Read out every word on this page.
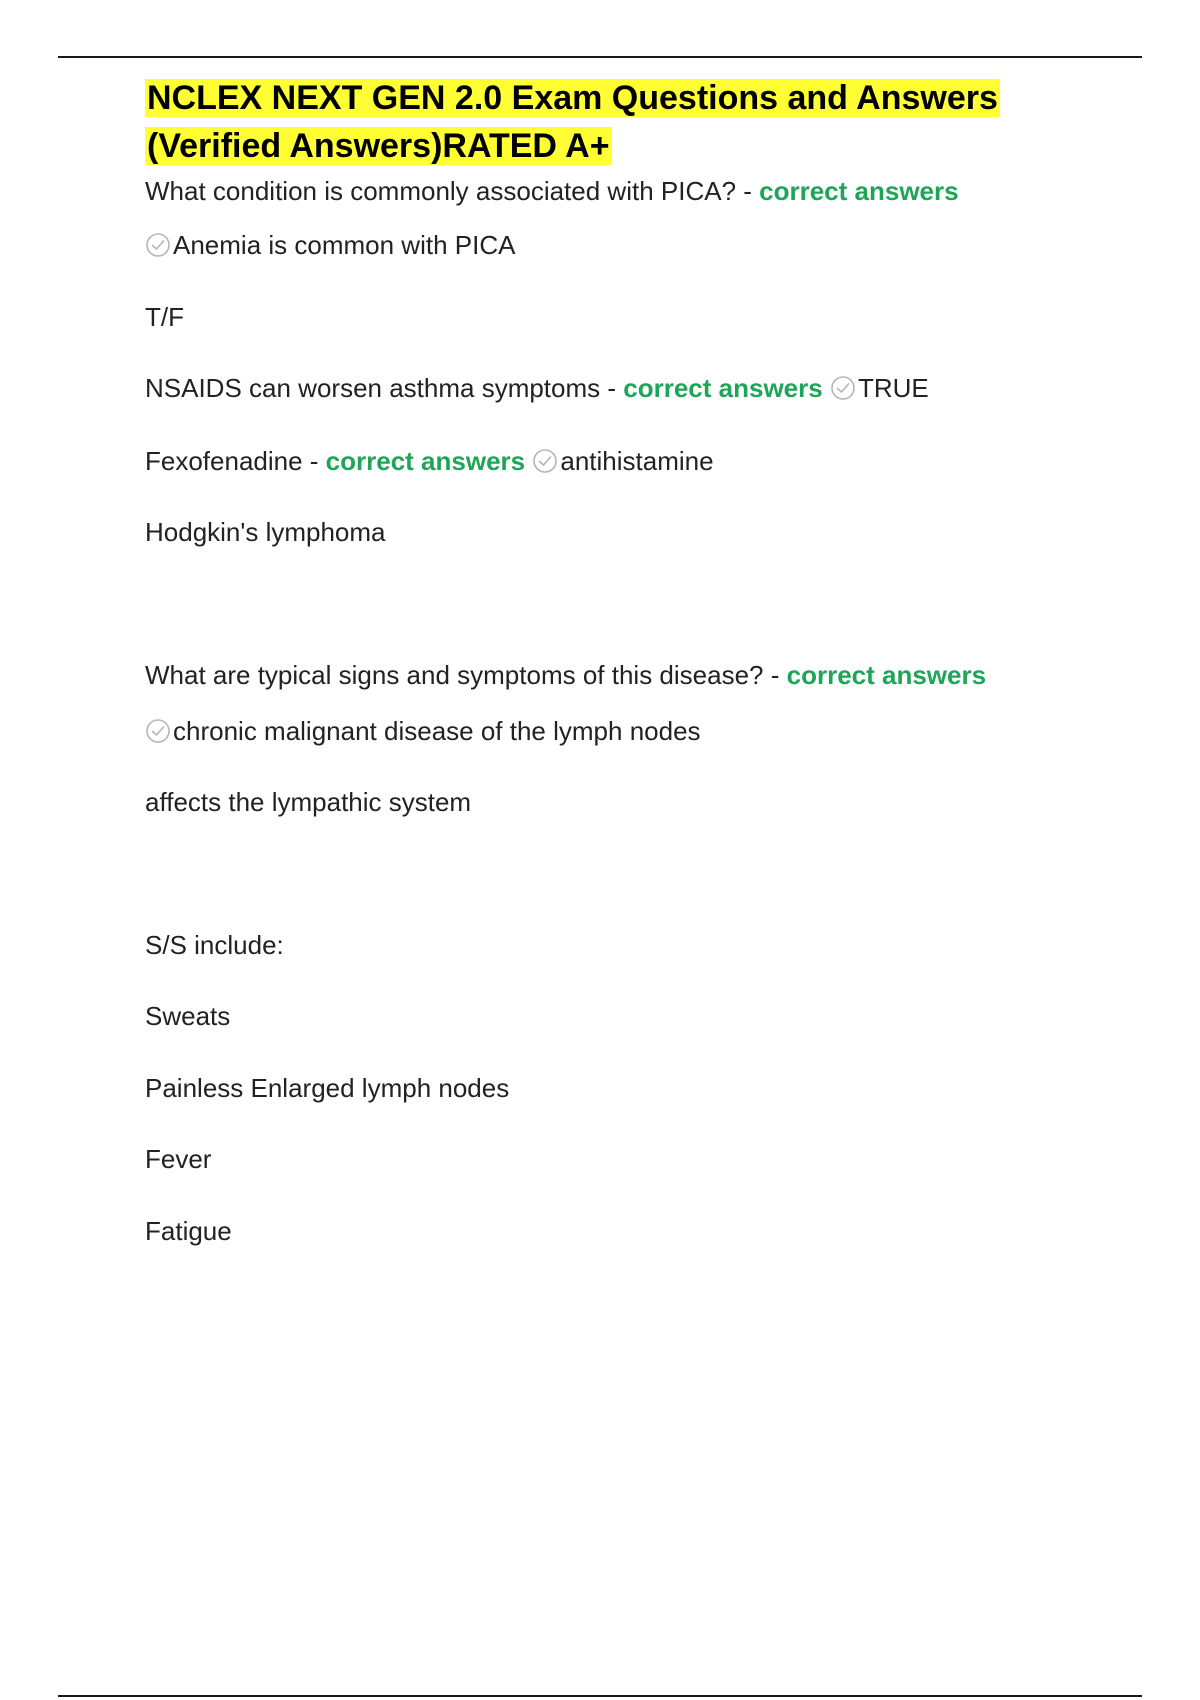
NCLEX NEXT GEN 2.0 Exam Questions and Answers
(Verified Answers)RATED A+
What condition is commonly associated with PICA? - correct answers
Anemia is common with PICA
T/F
NSAIDS can worsen asthma symptoms - correct answers TRUE
Fexofenadine - correct answers antihistamine
Hodgkin's lymphoma
What are typical signs and symptoms of this disease? - correct answers
chronic malignant disease of the lymph nodes
affects the lympathic system
S/S include:
Sweats
Painless Enlarged lymph nodes
Fever
Fatigue
